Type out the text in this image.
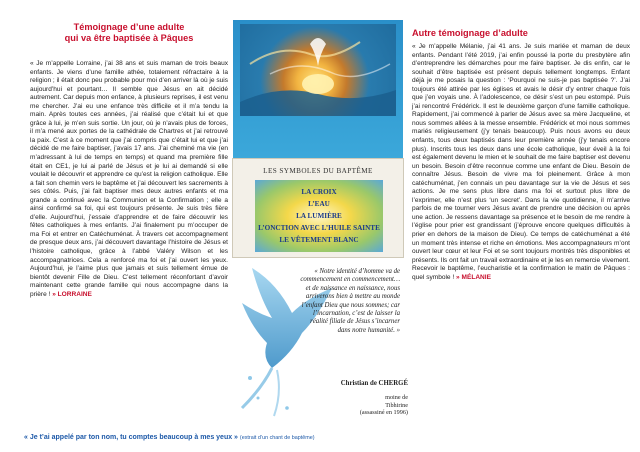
Témoignage d’une adulte
qui va être baptisée à Pâques
« Je m’appelle Lorraine, j’ai 38 ans et suis maman de trois beaux enfants. Je viens d’une famille athée, totalement réfractaire à la religion ; il était donc peu probable pour moi d’en arriver là où je suis aujourd’hui et pourtant… Il semble que Jésus en ait décidé autrement. Car depuis mon enfance, à plusieurs reprises, il est venu me chercher. J’ai eu une enfance très difficile et il m’a tendu la main. Après toutes ces années, j’ai réalisé que c’était lui et que grâce à lui, je m’en suis sortie. Un jour, où je n’avais plus de forces, il m’a mené aux portes de la cathédrale de Chartres et j’ai retrouvé la paix. C’est à ce moment que j’ai compris que c’était lui et que j’ai décidé de me faire baptiser, j’avais 17 ans. J’ai cheminé ma vie (en m’adressant à lui de temps en temps) et quand ma première fille était en CE1, je lui ai parlé de Jésus et je lui ai demandé si elle voulait le découvrir et apprendre ce qu’est la religion catholique. Elle a fait son chemin vers le baptême et j’ai découvert les sacrements à ses côtés. Puis, j’ai fait baptiser mes deux autres enfants et ma grande a continué avec la Communion et la Confirmation ; elle a ainsi confirmé sa foi, qui est toujours présente. Je suis très fière d’elle. Aujourd’hui, j’essaie d’apprendre et de faire découvrir les fêtes catholiques à mes enfants. J’ai finalement pu m’occuper de ma Foi et entrer en Catéchuménat. À travers cet accompagnement de presque deux ans, j’ai découvert davantage l’histoire de Jésus et l’histoire catholique, grâce à l’abbé Valéry Wilson et les accompagnatrices. Cela a renforcé ma foi et j’ai ouvert les yeux. Aujourd’hui, je l’aime plus que jamais et suis tellement émue de bientôt devenir Fille de Dieu. C’est tellement réconfortant d’avoir maintenant cette grande famille qui nous accompagne dans la prière ! » LORRAINE
LES SYMBOLES DU BAPTÊME
LA CROIX
L’EAU
LA LUMIÈRE
L’ONCTION AVEC L’HUILE SAINTE
LE VÊTEMENT BLANC
« Notre identité d’homme va de commencement en commencement… et de naissance en naissance, nous arriverons bien à mettre au monde l’enfant Dieu que nous sommes; car l’incarnation, c’est de laisser la réalité filiale de Jésus s’incarner dans notre humanité. »
Christian de CHERGÉ
moine de
Tibhirine
(assassiné en 1996)
Autre témoignage d’adulte
« Je m’appelle Mélanie, j’ai 41 ans. Je suis mariée et maman de deux enfants. Pendant l’été 2019, j’ai enfin poussé la porte du presbytère afin d’entreprendre les démarches pour me faire baptiser. Je dis enfin, car le souhait d’être baptisée est présent depuis tellement longtemps. Enfant déjà je me posais la question : ‘Pourquoi ne suis-je pas baptisée ?’. J’ai toujours été attirée par les églises et avais le désir d’y entrer chaque fois que j’en voyais une. À l’adolescence, ce désir s’est un peu estompé. Puis j’ai rencontré Frédérick. Il est le deuxième garçon d’une famille catholique. Rapidement, j’ai commencé à parler de Jésus avec sa mère Jacqueline, et nous sommes allées à la messe ensemble. Frédérick et moi nous sommes mariés religieusement (j’y tenais beaucoup). Puis nous avons eu deux enfants, tous deux baptisés dans leur première année (j’y tenais encore plus). Inscrits tous les deux dans une école catholique, leur éveil à la foi est également devenu le mien et le souhait de me faire baptiser est devenu un besoin. Besoin d’être reconnue comme une enfant de Dieu. Besoin de connaître Jésus. Besoin de vivre ma foi pleinement. Grâce à mon catéchuménat, j’en connais un peu davantage sur la vie de Jésus et ses actions. Je me sens plus libre dans ma foi et surtout plus libre de l’exprimer, elle n’est plus ‘un secret’. Dans la vie quotidienne, il m’arrive parfois de me tourner vers Jésus avant de prendre une décision ou après une action. Je ressens davantage sa présence et le besoin de me rendre à l’église pour prier est grandissant (j’éprouve encore quelques difficultés à prier en dehors de la maison de Dieu). Ce temps de catéchuménat a été un moment très intense et riche en émotions. Mes accompagnateurs m’ont ouvert leur cœur et leur Foi et se sont toujours montrés très disponibles et présents. Ils ont fait un travail extraordinaire et je les en remercie vivement. Recevoir le baptême, l’eucharistie et la confirmation le matin de Pâques : quel symbole ! » MÉLANIE
« Je t’ai appelé par ton nom, tu comptes beaucoup à mes yeux » (extrait d’un chant de baptême)
